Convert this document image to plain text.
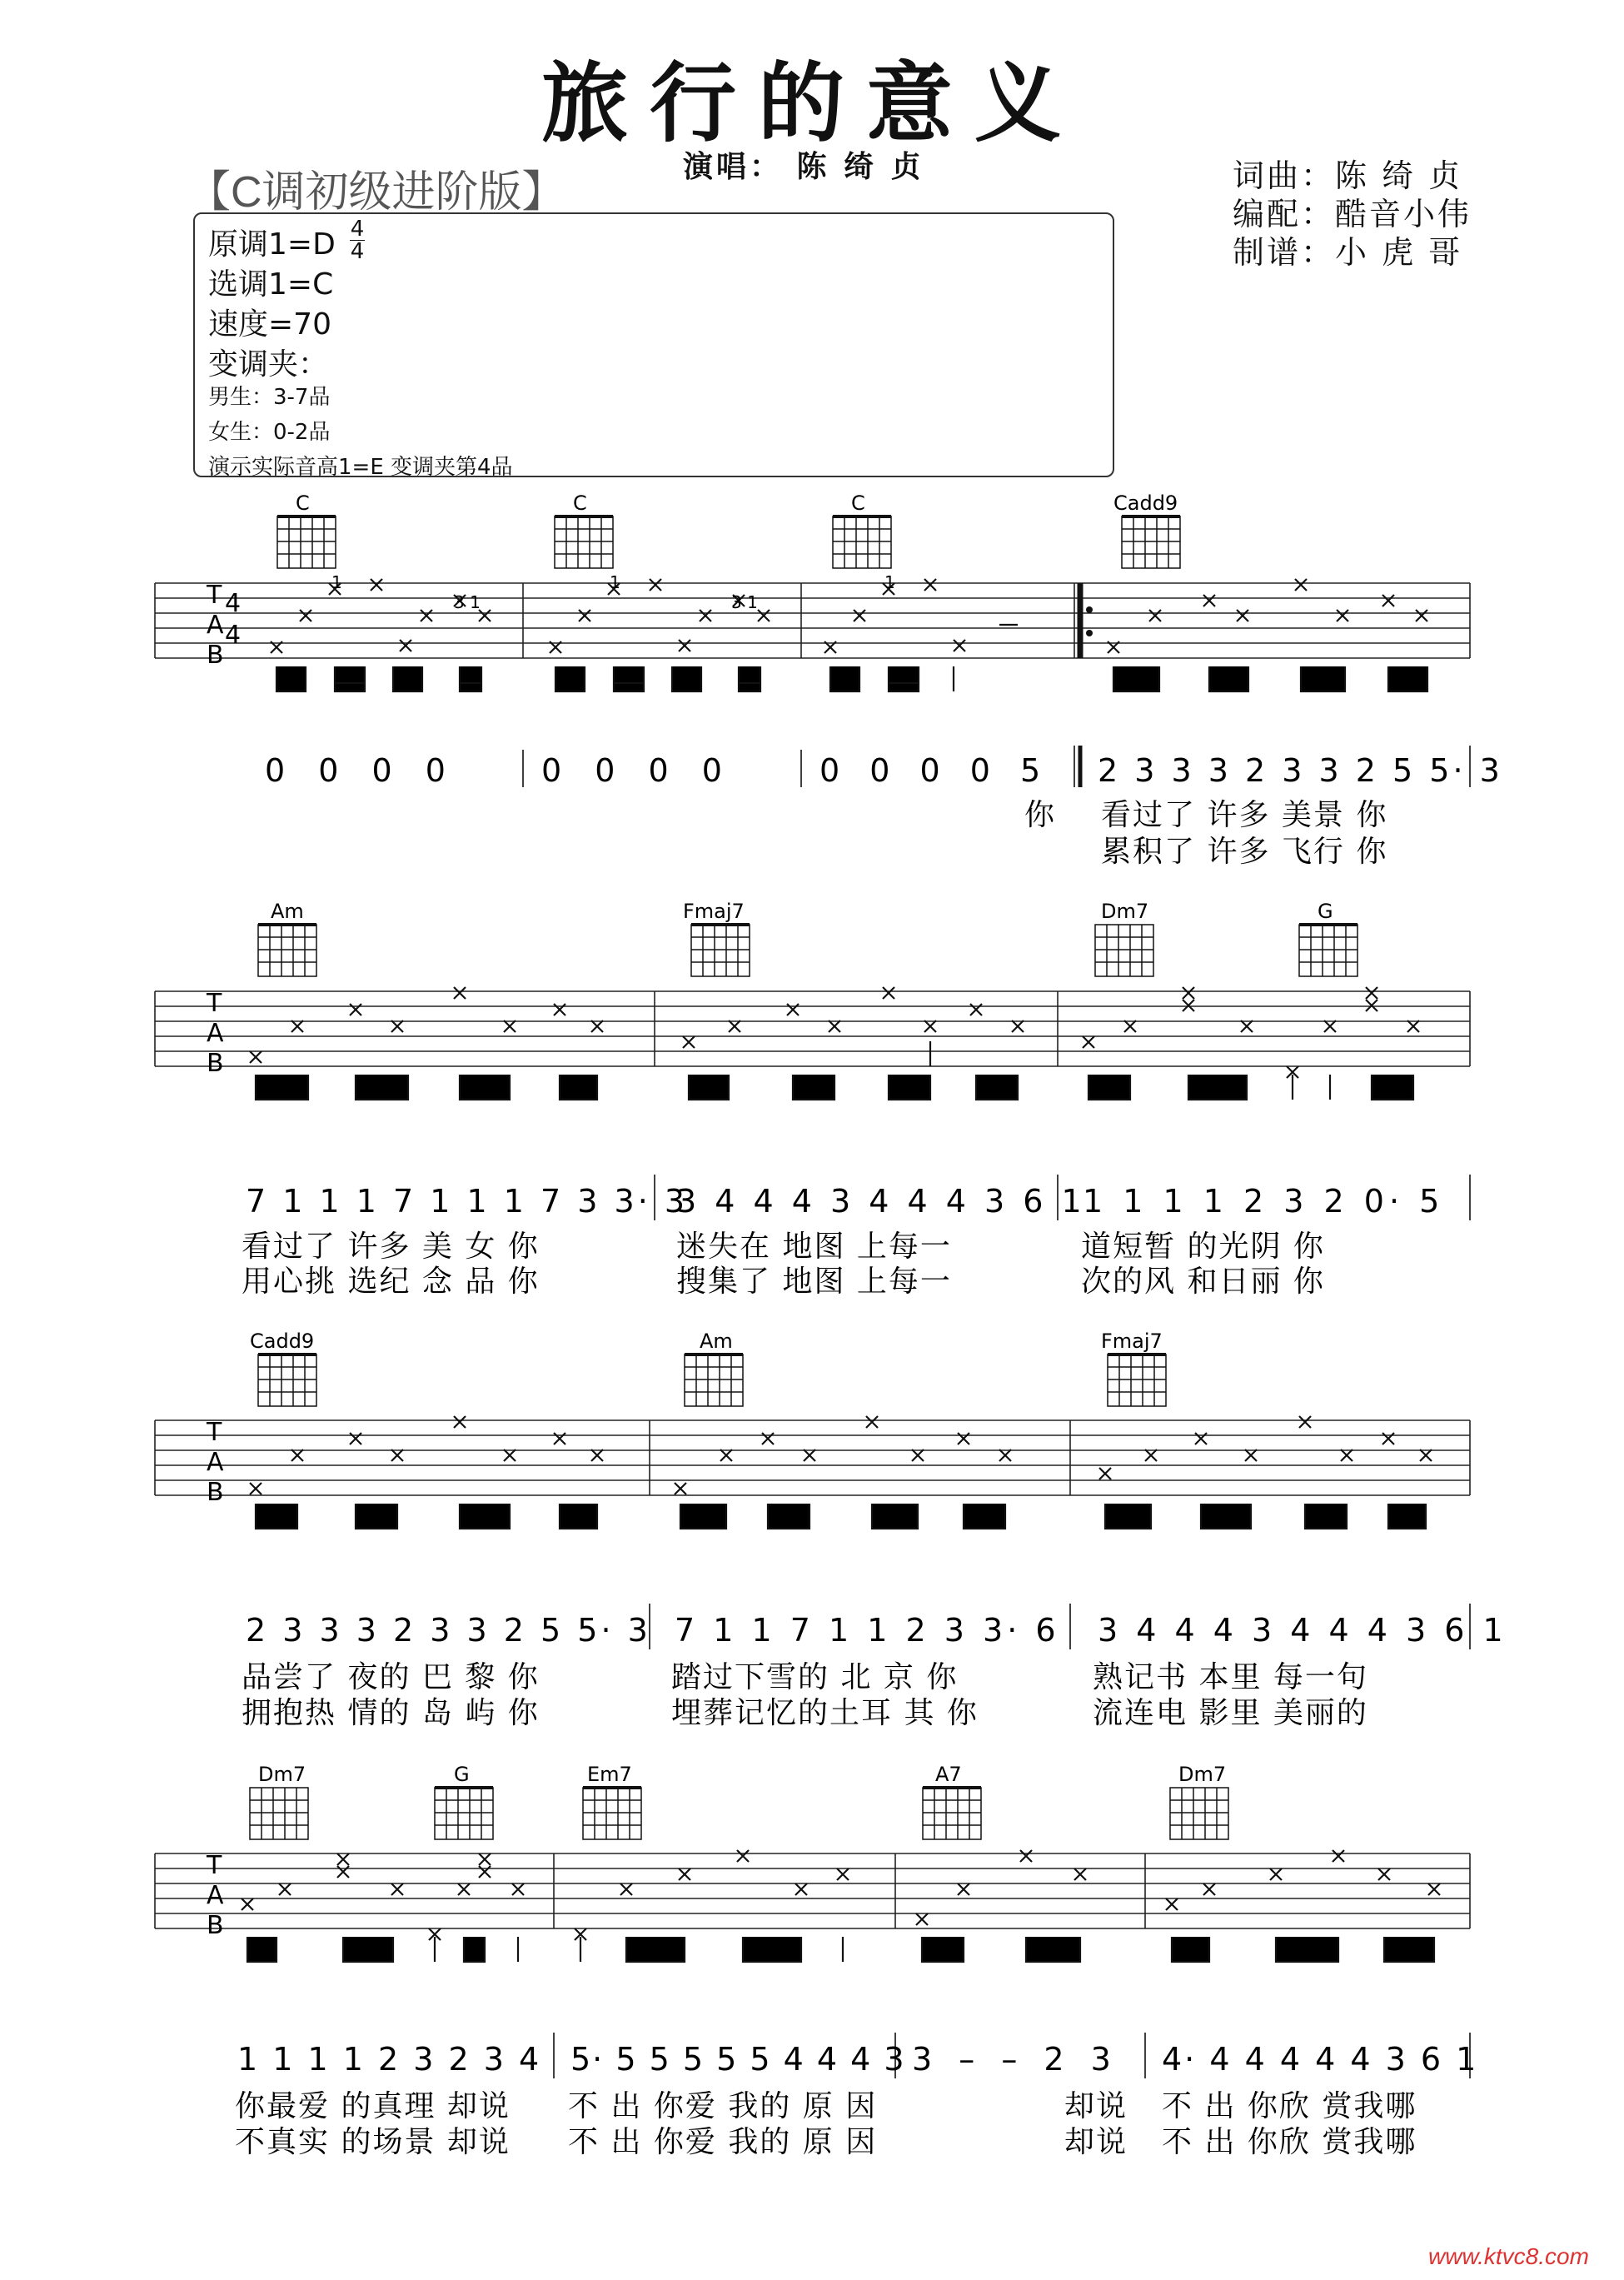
旅行的意义
【C调初级进阶版】
演唱： 陈 绮 贞	词曲：陈 绮 贞
编配：酷音小伟
制谱：小 虎 哥
原调1=D 4
4
选调1=C
速度=70
变调夹：
男生：3-7品
女生：0-2品
演示实际音高1=E 变调夹第4品
T
A
B
4
4
1
3 1
1
3 1
1
C	C	C	Cadd9
0 0 0 0	0 0 0 0	0 0 0 0 5 2 3 3 3 2 3 3 2 5 5· 3
你 看过了 许多 美景 你
累积了 许多 飞行 你
T
A
B
Am	Fmaj7	Dm7	G
7 1 1 1 7 1 1 1 7 3 3· 3
3 4 4 4 3 4 4 4 3 6 1
1 1 1 1 2 3 2 0· 5
看过了 许多 美 女 你	迷失在 地图 上每一	道短暂 的光阴 你
用心挑 选纪 念 品 你	搜集了 地图 上每一	次的风 和日丽 你
T
A
B
Cadd9	Am	Fmaj7
2 3 3 3 2 3 3 2 5 5· 3 7 1 1 7 1 1 2 3 3· 6 3 4 4 4 3 4 4 4 3 6 1
品尝了 夜的 巴 黎 你	踏过下雪的 北 京 你	熟记书 本里 每一句
拥抱热 情的 岛 屿 你	埋葬记忆的土耳 其 你	流连电 影里 美丽的
T
A
B
Dm7	G	Em7	A7	Dm7
1 1 1 1 2 3 2 3 4 5· 5 5 5 5 5 4 4 4 3 3 – – 2 3 4· 4 4 4 4 4 3 6 1
你最爱 的真理 却说 不 出 你爱 我的 原 因	却说 不 出 你欣 赏我哪
不真实 的场景 却说 不 出 你爱 我的 原 因	却说 不 出 你欣 赏我哪
www.ktvc8.com
